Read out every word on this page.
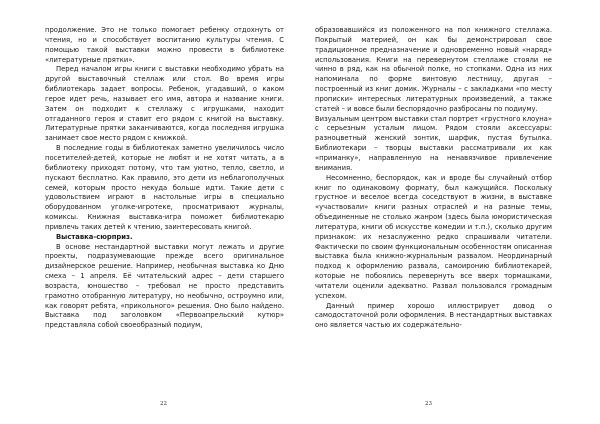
продолжение. Это не только помогает ребенку отдохнуть от чтения, но и способствует воспитанию культуры чтения. С помощью такой выставки можно провести в библиотеке «литературные прятки».

Перед началом игры книги с выставки необходимо убрать на другой выставочный стеллаж или стол. Во время игры библиотекарь задает вопросы. Ребенок, угадавший, о каком герое идет речь, называет его имя, автора и название книги. Затем он подходит к стеллажу с игрушками, находит отгаданного героя и ставит его рядом с книгой на выставку. Литературные прятки заканчиваются, когда последняя игрушка занимает свое место рядом с книжкой.

В последние годы в библиотеках заметно увеличилось число посетителей-детей, которые не любят и не хотят читать, а в библиотеку приходят потому, что там уютно, тепло, светло, и пускают бесплатно. Как правило, это дети из неблагополучных семей, которым просто некуда больше идти. Такие дети с удовольствием играют в настольные игры в специально оборудованном уголке-игротеке, просматривают журналы, комиксы. Книжная выставка-игра поможет библиотекарю привлечь таких детей к чтению, заинтересовать книгой.

Выставка-сюрприз.

В основе нестандартной выставки могут лежать и другие проекты, подразумевающие прежде всего оригинальное дизайнерское решение. Например, необычная выставка ко Дню смеха – 1 апреля. Её читательский адрес – дети старшего возраста, юношество – требовал не просто представить грамотно отобранную литературу, но необычно, остроумно или, как говорят ребята, «прикольного» решения. Оно было найдено. Выставка под заголовком «Первоапрельский кутюр» представляла собой своеобразный подиум,

22

образовавшийся из положенного на пол книжного стеллажа. Покрытый материей, он как бы демонстрировал свое традиционное предназначение и одновременно новый «наряд» использования. Книги на перевернутом стеллаже стояли не чинно в ряд, как на обычной полке, но стопками. Одна из них напоминала по форме винтовую лестницу, другая – построенный из книг домик. Журналы – с закладками «по месту прописки» интересных литературных произведений, а также статей – и вовсе были беспорядочно разбросаны по подиуму.

Визуальным центром выставки стал портрет «грустного клоуна» с серьезным усталым лицом. Рядом стояли аксессуары: разноцветный женский зонтик, шарфик, пустая бутылка. Библиотекари – творцы выставки рассматривали их как «приманку», направленную на ненавязчивое привлечение внимания.

Несомненно, беспорядок, как и вроде бы случайный отбор книг по одинаковому формату, был кажущийся. Поскольку грустное и веселое всегда соседствуют в жизни, в выставке «участвовали» книги разных отраслей и на разные темы, объединенные не столько жанром (здесь была юмористическая литература, книги об искусстве комедии и т.п.), сколько другим признаком: их незаслуженно редко спрашивали читатели. Фактически по своим функциональным особенностям описанная выставка была книжно-журнальным развалом. Неординарный подход к оформлению развала, самоиронию библиотекарей, которые не побоялись перевернуть все вверх тормашками, читатели оценили адекватно. Развал пользовался громадным успехом.

Данный пример хорошо иллюстрирует довод о самодостаточной роли оформления. В нестандартных выставках оно является частью их содержательно-

23
